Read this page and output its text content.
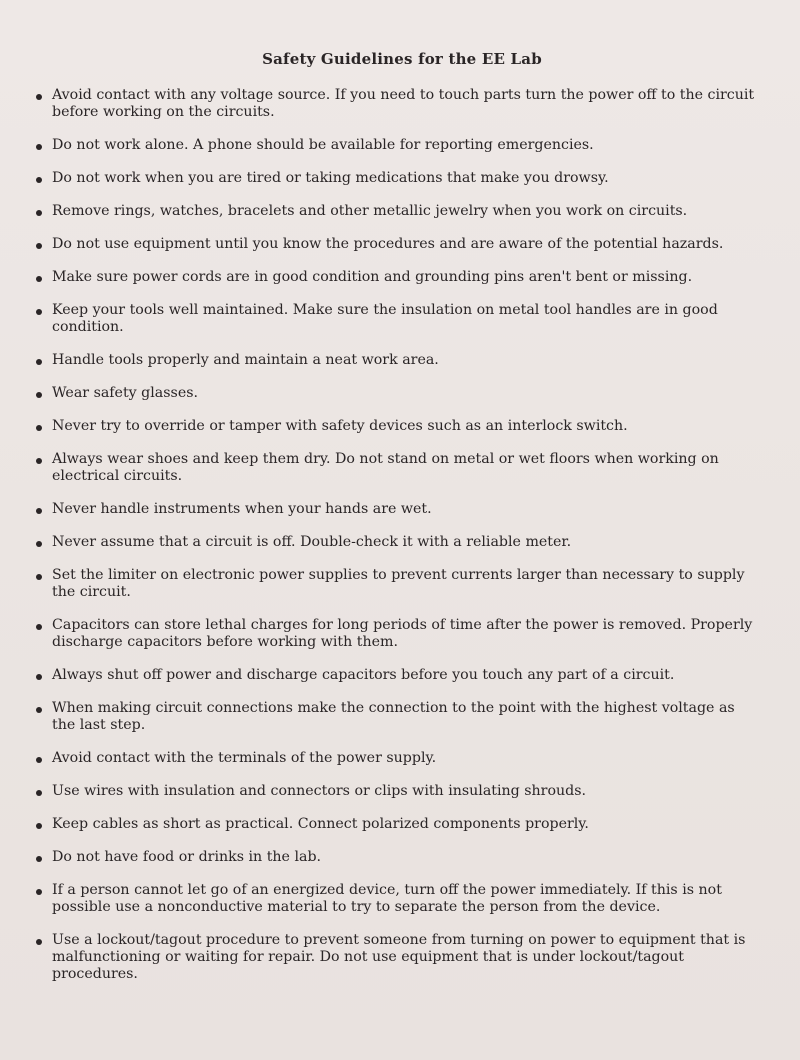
Safety Guidelines for the EE Lab
Avoid contact with any voltage source. If you need to touch parts turn the power off to the circuit before working on the circuits.
Do not work alone. A phone should be available for reporting emergencies.
Do not work when you are tired or taking medications that make you drowsy.
Remove rings, watches, bracelets and other metallic jewelry when you work on circuits.
Do not use equipment until you know the procedures and are aware of the potential hazards.
Make sure power cords are in good condition and grounding pins aren't bent or missing.
Keep your tools well maintained. Make sure the insulation on metal tool handles are in good condition.
Handle tools properly and maintain a neat work area.
Wear safety glasses.
Never try to override or tamper with safety devices such as an interlock switch.
Always wear shoes and keep them dry. Do not stand on metal or wet floors when working on electrical circuits.
Never handle instruments when your hands are wet.
Never assume that a circuit is off. Double-check it with a reliable meter.
Set the limiter on electronic power supplies to prevent currents larger than necessary to supply the circuit.
Capacitors can store lethal charges for long periods of time after the power is removed. Properly discharge capacitors before working with them.
Always shut off power and discharge capacitors before you touch any part of a circuit.
When making circuit connections make the connection to the point with the highest voltage as the last step.
Avoid contact with the terminals of the power supply.
Use wires with insulation and connectors or clips with insulating shrouds.
Keep cables as short as practical. Connect polarized components properly.
Do not have food or drinks in the lab.
If a person cannot let go of an energized device, turn off the power immediately. If this is not possible use a nonconductive material to try to separate the person from the device.
Use a lockout/tagout procedure to prevent someone from turning on power to equipment that is malfunctioning or waiting for repair. Do not use equipment that is under lockout/tagout procedures.
